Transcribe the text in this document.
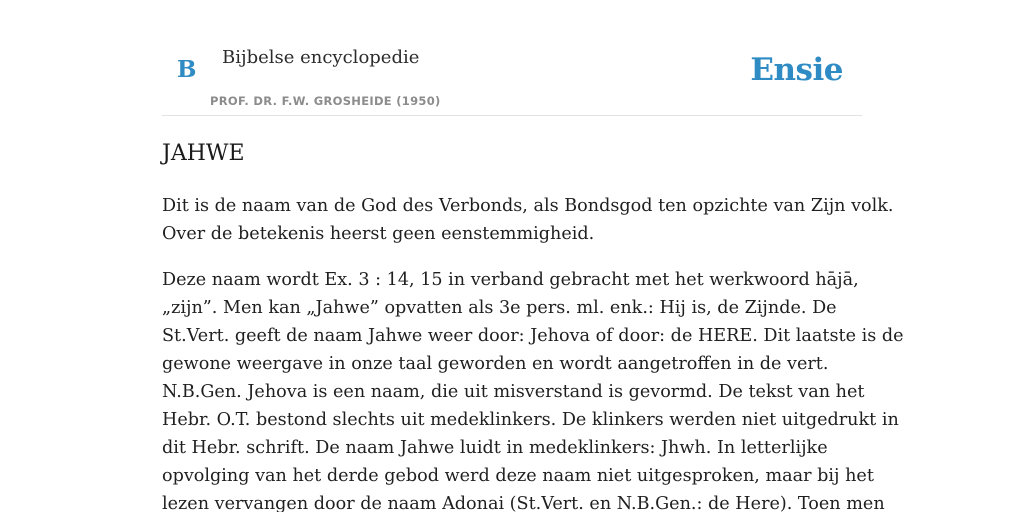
B Bijbelse encyclopedie
PROF. DR. F.W. GROSHEIDE (1950)
Ensie
JAHWE

Dit is de naam van de God des Verbonds, als Bondsgod ten opzichte van Zijn volk.
Over de betekenis heerst geen eenstemmigheid.

Deze naam wordt Ex. 3 : 14, 15 in verband gebracht met het werkwoord hājā,
„zijn”. Men kan „Jahwe” opvatten als 3e pers. ml. enk.: Hij is, de Zijnde. De
St.Vert. geeft de naam Jahwe weer door: Jehova of door: de HERE. Dit laatste is de
gewone weergave in onze taal geworden en wordt aangetroffen in de vert.
N.B.Gen. Jehova is een naam, die uit misverstand is gevormd. De tekst van het
Hebr. O.T. bestond slechts uit medeklinkers. De klinkers werden niet uitgedrukt in
dit Hebr. schrift. De naam Jahwe luidt in medeklinkers: Jhwh. In letterlijke
opvolging van het derde gebod werd deze naam niet uitgesproken, maar bij het
lezen vervangen door de naam Adonai (St.Vert. en N.B.Gen.: de Here). Toen men
